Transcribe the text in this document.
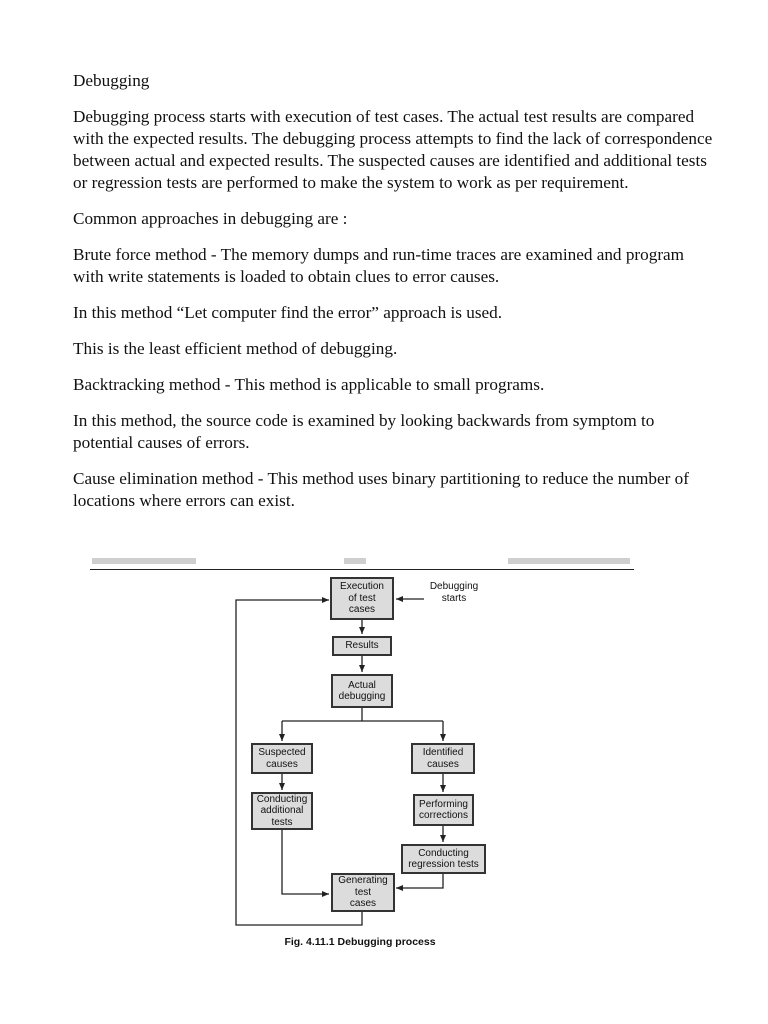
Debugging

Debugging process starts with execution of test cases. The actual test results are compared with the expected results. The debugging process attempts to find the lack of correspondence between actual and expected results. The suspected causes are identified and additional tests or regression tests are performed to make the system to work as per requirement.

Common approaches in debugging are :

Brute force method - The memory dumps and run-time traces are examined and program with write statements is loaded to obtain clues to error causes.

In this method “Let computer find the error” approach is used.

This is the least efficient method of debugging.

Backtracking method - This method is applicable to small programs.

In this method, the source code is examined by looking backwards from symptom to potential causes of errors.

Cause elimination method - This method uses binary partitioning to reduce the number of locations where errors can exist.

Execution
of test
cases
Debugging
starts
Results
Actual
debugging
Suspected
causes
Identified
causes
Conducting
additional
tests
Performing
corrections
Conducting
regression tests
Generating
test
cases
Fig. 4.11.1 Debugging process
